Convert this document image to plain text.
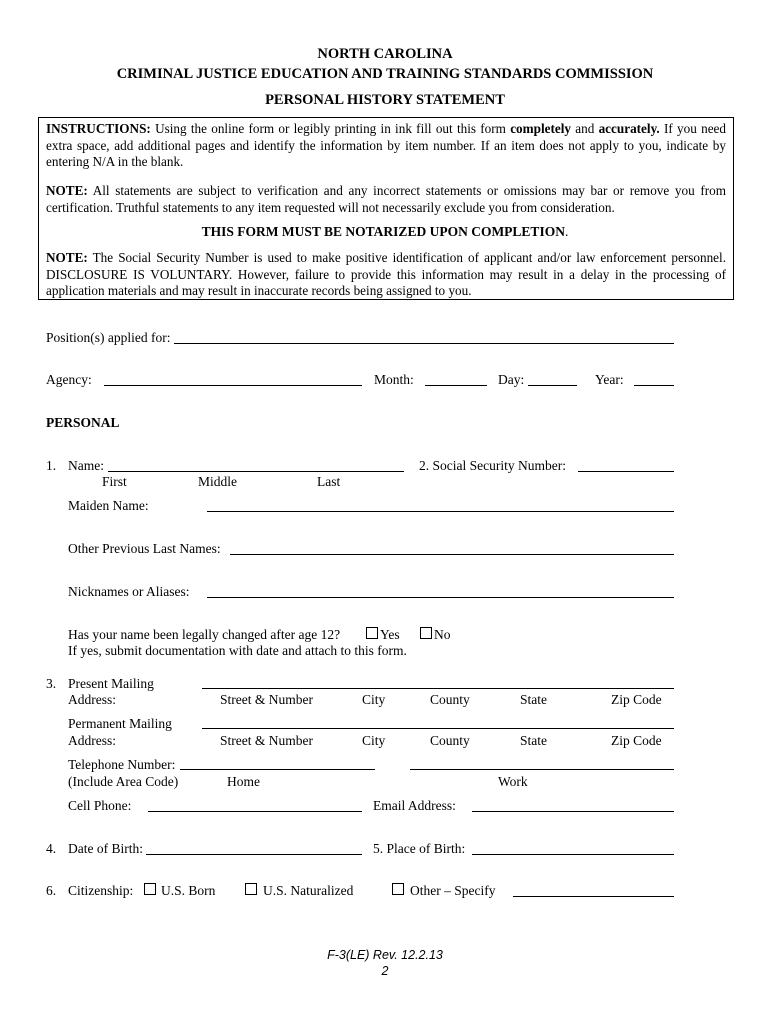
NORTH CAROLINA
CRIMINAL JUSTICE EDUCATION AND TRAINING STANDARDS COMMISSION
PERSONAL HISTORY STATEMENT
INSTRUCTIONS: Using the online form or legibly printing in ink fill out this form completely and accurately. If you need extra space, add additional pages and identify the information by item number. If an item does not apply to you, indicate by entering N/A in the blank.
NOTE: All statements are subject to verification and any incorrect statements or omissions may bar or remove you from certification. Truthful statements to any item requested will not necessarily exclude you from consideration.
THIS FORM MUST BE NOTARIZED UPON COMPLETION.
NOTE: The Social Security Number is used to make positive identification of applicant and/or law enforcement personnel. DISCLOSURE IS VOLUNTARY. However, failure to provide this information may result in a delay in the processing of application materials and may result in inaccurate records being assigned to you.
Position(s) applied for:
Agency:	Month:	Day:	Year:
PERSONAL
1. Name:
First	Middle	Last
2. Social Security Number:
Maiden Name:
Other Previous Last Names:
Nicknames or Aliases:
Has your name been legally changed after age 12?	Yes	No
If yes, submit documentation with date and attach to this form.
3. Present Mailing
Address:	Street & Number	City	County	State	Zip Code
Permanent Mailing
Address:	Street & Number	City	County	State	Zip Code
Telephone Number:
(Include Area Code)	Home	Work
Cell Phone:	Email Address:
4. Date of Birth:	5. Place of Birth:
6. Citizenship: U.S. Born	U.S. Naturalized	Other – Specify
F-3(LE) Rev. 12.2.13
2
